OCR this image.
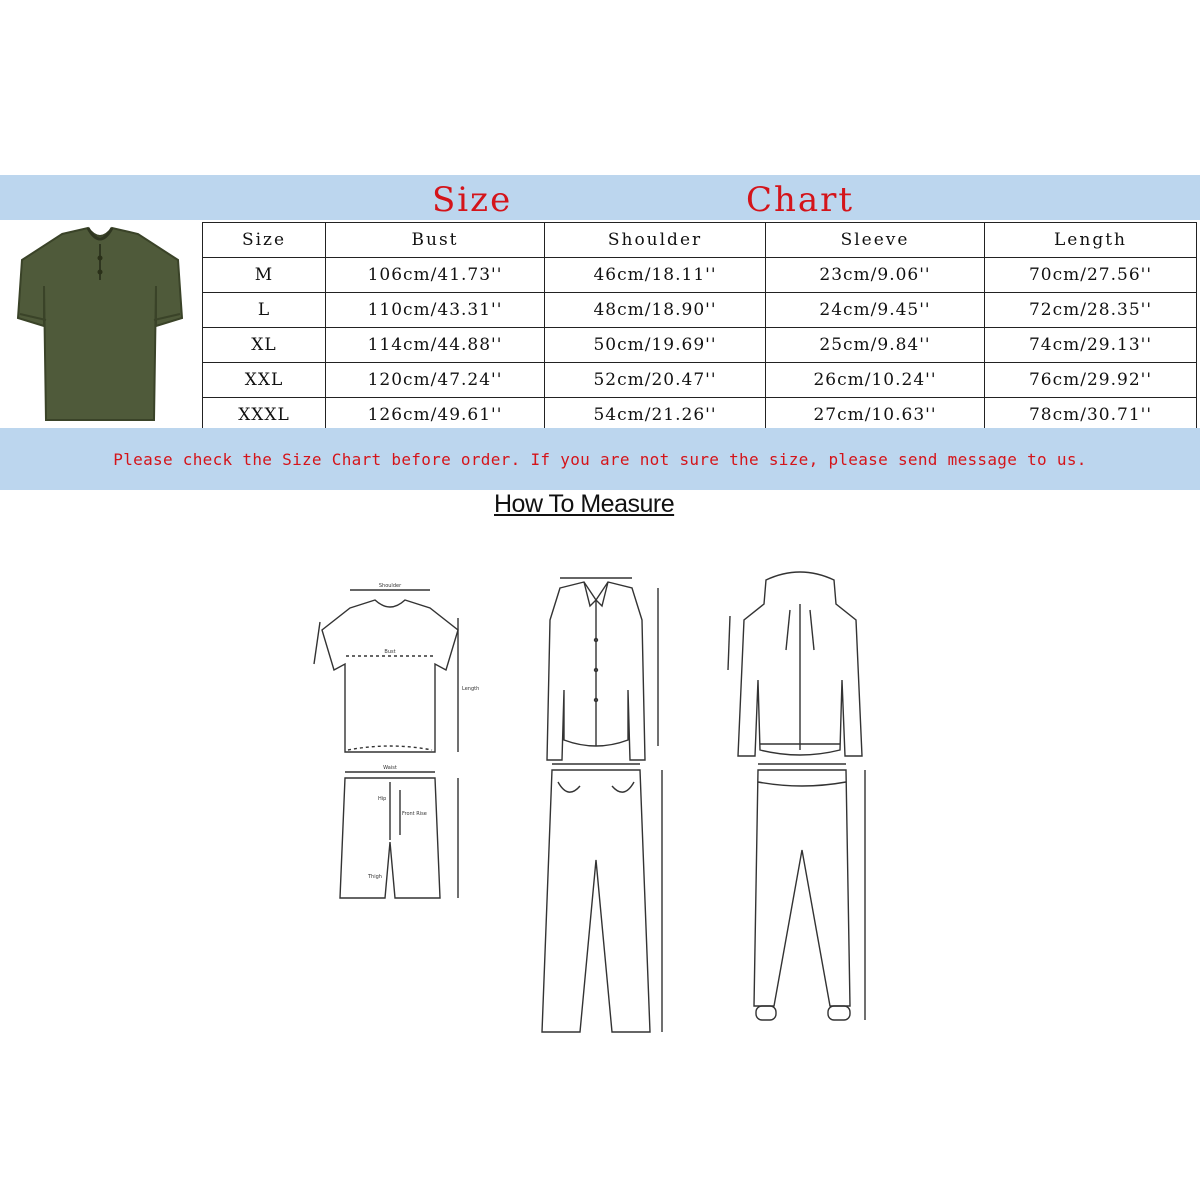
Size	Chart
Size	Bust	Shoulder	Sleeve	Length
M	106cm/41.73''	46cm/18.11''	23cm/9.06''	70cm/27.56''
L	110cm/43.31''	48cm/18.90''	24cm/9.45''	72cm/28.35''
XL	114cm/44.88''	50cm/19.69''	25cm/9.84''	74cm/29.13''
XXL	120cm/47.24''	52cm/20.47''	26cm/10.24''	76cm/29.92''
XXXL	126cm/49.61''	54cm/21.26''	27cm/10.63''	78cm/30.71''
Please check the Size Chart before order. If you are not sure the size, please send message to us.
How To Measure
Shoulder
Bust
Length
Waist
Hip
Front Rise
Thigh
